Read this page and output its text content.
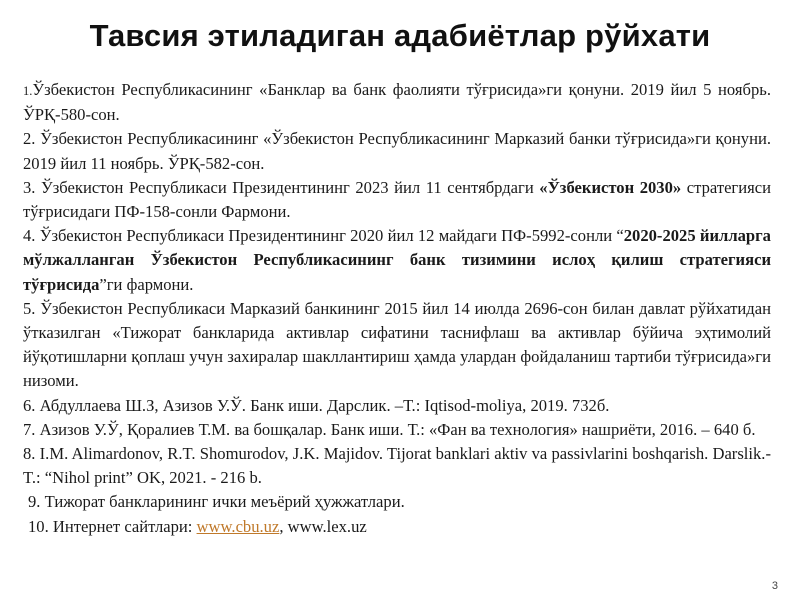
Тавсия этиладиган адабиётлар рўйхати

1.Ўзбекистон Республикасининг «Банклар ва банк фаолияти тўғрисида»ги қонуни. 2019 йил 5 ноябрь. ЎРҚ-580-сон.

2. Ўзбекистон Республикасининг «Ўзбекистон Республикасининг Марказий банки тўғрисида»ги қонуни. 2019 йил 11 ноябрь. ЎРҚ-582-сон.

3. Ўзбекистон Республикаси Президентининг 2023 йил 11 сентябрдаги «Ўзбекистон 2030» стратегияси тўғрисидаги ПФ-158-сонли Фармони.

4. Ўзбекистон Республикаси Президентининг 2020 йил 12 майдаги ПФ-5992-сонли “2020-2025 йилларга мўлжалланган Ўзбекистон Республикасининг банк тизимини ислоҳ қилиш стратегияси тўғрисида”ги фармони.

5. Ўзбекистон Республикаси Марказий банкининг 2015 йил 14 июлда 2696-сон билан давлат рўйхатидан ўтказилган «Тижорат банкларида активлар сифатини таснифлаш ва активлар бўйича эҳтимолий йўқотишларни қоплаш учун захиралар шакллантириш ҳамда улардан фойдаланиш тартиби тўғрисида»ги низоми.

6. Абдуллаева Ш.З, Азизов У.Ў. Банк иши. Дарслик. –Т.: Iqtisod-moliya, 2019. 732б.

7. Азизов У.Ў, Қоралиев Т.М. ва бошқалар. Банк иши. Т.: «Фан ва технология» нашриёти, 2016. – 640 б.

8. I.M. Alimardonov, R.T. Shomurodov, J.K. Majidov. Tijorat banklari aktiv va passivlarini boshqarish. Darslik.-T.: “Nihol print” OK, 2021. - 216 b.

9. Тижорат банкларининг ички меъёрий ҳужжатлари.

10. Интернет сайтлари: www.cbu.uz, www.lex.uz

3
